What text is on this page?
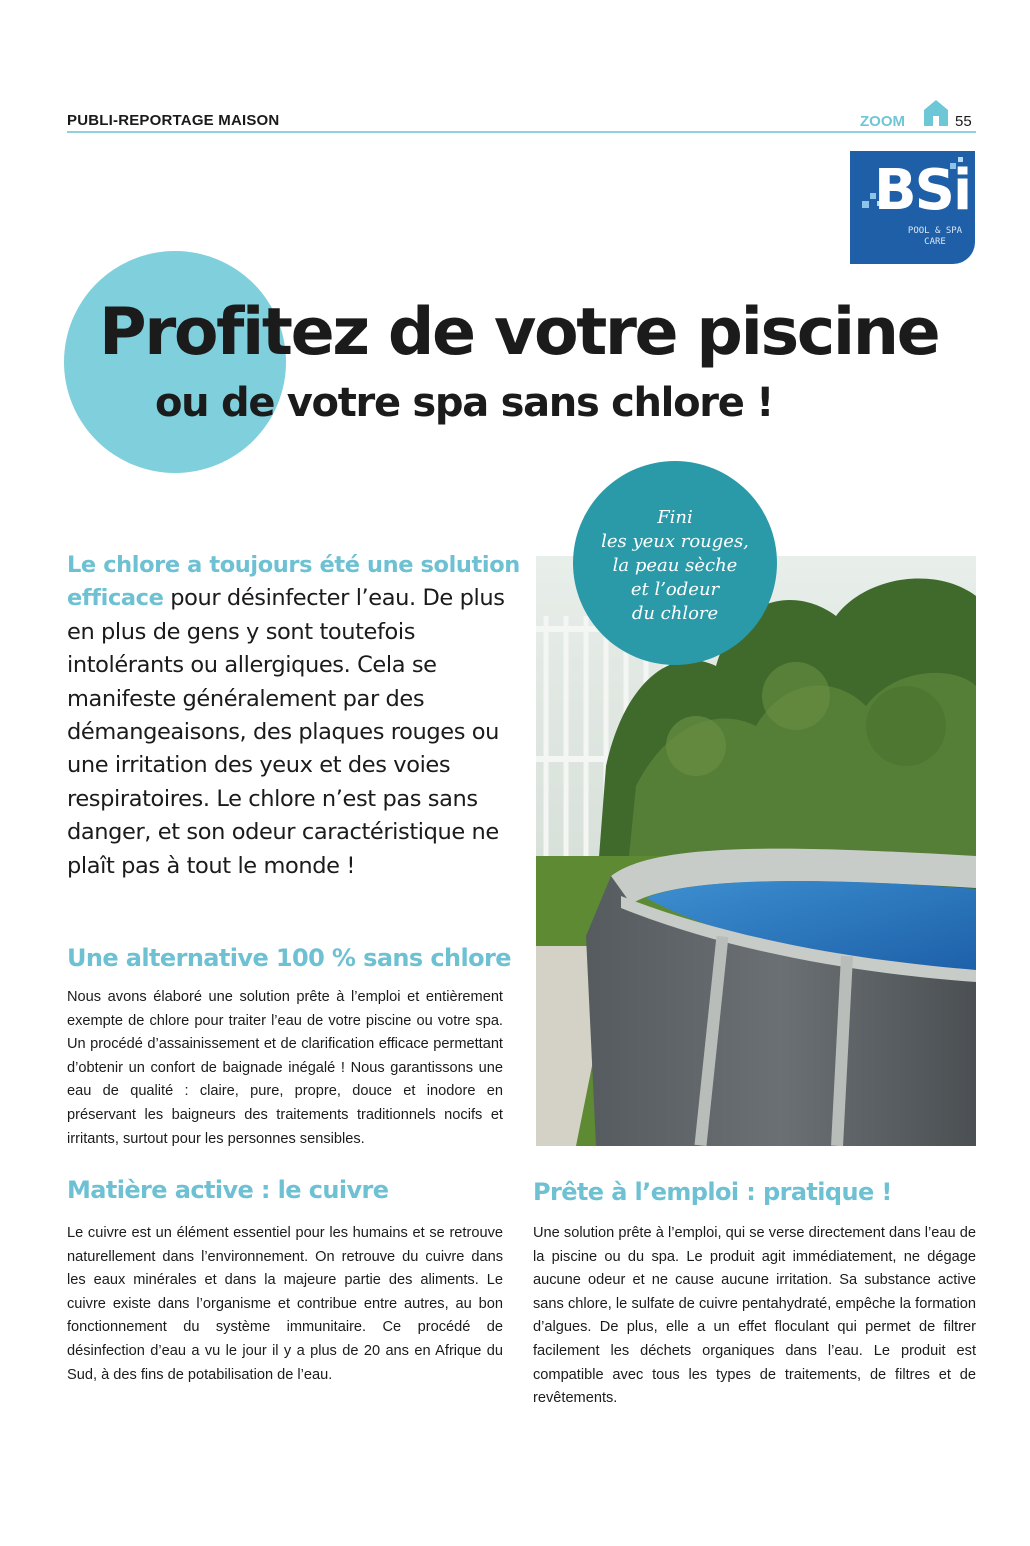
PUBLI-REPORTAGE MAISON	ZOOM	55
BSi
POOL & SPA
CARE
Profitez de votre piscine
ou de votre spa sans chlore !
Le chlore a toujours été une solution efficace pour désinfecter l’eau. De plus en plus de gens y sont toutefois intolérants ou allergiques. Cela se manifeste généralement par des démangeaisons, des plaques rouges ou une irritation des yeux et des voies respiratoires. Le chlore n’est pas sans danger, et son odeur caractéristique ne plaît pas à tout le monde !
Une alternative 100 % sans chlore
Nous avons élaboré une solution prête à l’emploi et entièrement exempte de chlore pour traiter l’eau de votre piscine ou votre spa. Un procédé d’assainissement et de clarification efficace permettant d’obtenir un confort de baignade inégalé ! Nous garantissons une eau de qualité : claire, pure, propre, douce et inodore en préservant les baigneurs des traitements traditionnels nocifs et irritants, surtout pour les personnes sensibles.
Fini
les yeux rouges,
la peau sèche
et l’odeur
du chlore
Matière active : le cuivre
Le cuivre est un élément essentiel pour les humains et se retrouve naturellement dans l’environnement. On retrouve du cuivre dans les eaux minérales et dans la majeure partie des aliments. Le cuivre existe dans l’organisme et contribue entre autres, au bon fonctionnement du système immunitaire. Ce procédé de désinfection d’eau a vu le jour il y a plus de 20 ans en Afrique du Sud, à des fins de potabilisation de l’eau.
Prête à l’emploi : pratique !
Une solution prête à l’emploi, qui se verse directement dans l’eau de la piscine ou du spa. Le produit agit immédiatement, ne dégage aucune odeur et ne cause aucune irritation. Sa substance active sans chlore, le sulfate de cuivre pentahydraté, empêche la formation d’algues. De plus, elle a un effet floculant qui permet de filtrer facilement les déchets organiques dans l’eau. Le produit est compatible avec tous les types de traitements, de filtres et de revêtements.
